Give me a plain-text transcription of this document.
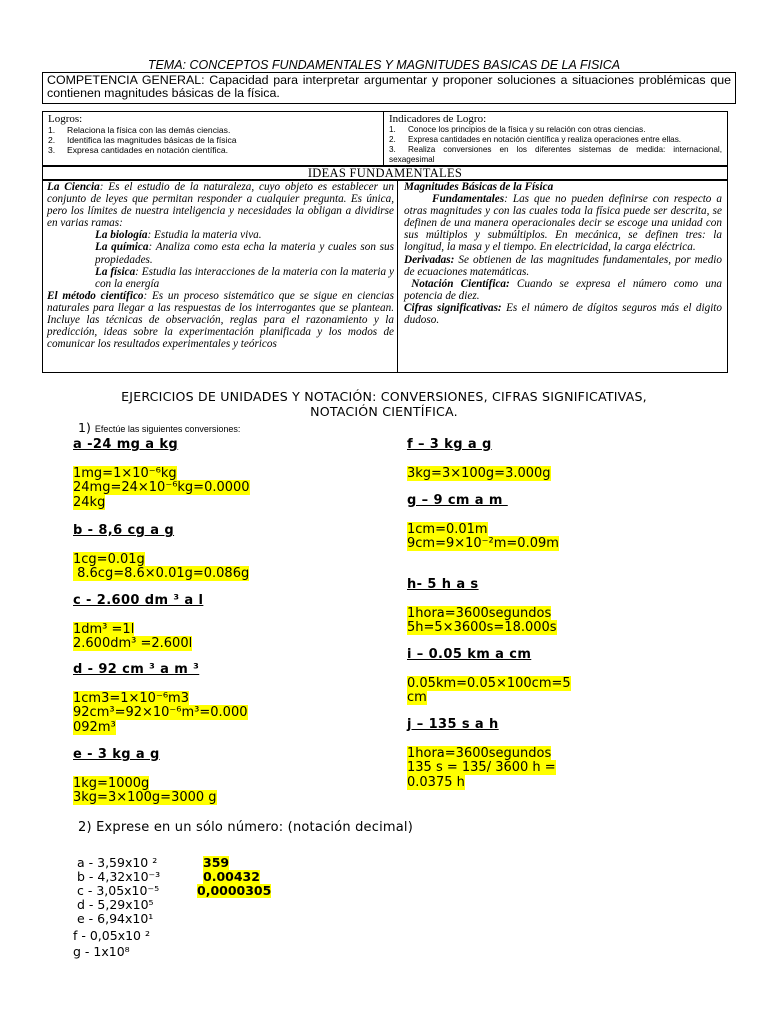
TEMA: CONCEPTOS FUNDAMENTALES Y MAGNITUDES BASICAS DE LA FISICA
COMPETENCIA GENERAL: Capacidad para interpretar argumentar y proponer soluciones a situaciones problémicas que contienen magnitudes básicas de la física.
Logros:
1.	Relaciona la física con las demás ciencias.
2.	Identifica las magnitudes básicas de la física
3.	Expresa cantidades en notación científica.
Indicadores de Logro:
1.	Conoce los principios de la física y su relación con otras ciencias.
2.	Expresa cantidades en notación científica y realiza operaciones entre ellas.
3. Realiza conversiones en los diferentes sistemas de medida: internacional, sexagesimal
IDEAS FUNDAMENTALES
La Ciencia: Es el estudio de la naturaleza, cuyo objeto es establecer un conjunto de leyes que permitan responder a cualquier pregunta. Es única, pero los límites de nuestra inteligencia y necesidades la obligan a dividirse en varias ramas:
La biología: Estudia la materia viva.
La química: Analiza como esta echa la materia y cuales son sus propiedades.
La física: Estudia las interacciones de la materia con la materia y con la energía
El método científico: Es un proceso sistemático que se sigue en ciencias naturales para llegar a las respuestas de los interrogantes que se plantean. Incluye las técnicas de observación, reglas para el razonamiento y la predicción, ideas sobre la experimentación planificada y los modos de comunicar los resultados experimentales y teóricos
Magnitudes Básicas de la Física
Fundamentales: Las que no pueden definirse con respecto a otras magnitudes y con las cuales toda la física puede ser descrita, se definen de una manera operacionales decir se escoge una unidad con sus múltiplos y submúltiplos. En mecánica, se definen tres: la longitud, la masa y el tiempo. En electricidad, la carga eléctrica.
Derivadas: Se obtienen de las magnitudes fundamentales, por medio de ecuaciones matemáticas.
Notación Científica: Cuando se expresa el número como una potencia de diez.
Cifras significativas: Es el número de dígitos seguros más el digito dudoso.
EJERCICIOS DE UNIDADES Y NOTACIÓN: CONVERSIONES, CIFRAS SIGNIFICATIVAS,
NOTACIÓN CIENTÍFICA.
1) Efectúe las siguientes conversiones:
a -24 mg a kg
1mg=1×10⁻⁶kg
24mg=24×10⁻⁶kg=0.0000
24kg
b - 8,6 cg a g
1cg=0.01g
8.6cg=8.6×0.01g=0.086g
c - 2.600 dm ³ a l
1dm³ =1l
2.600dm³ =2.600l
d - 92 cm ³ a m ³
1cm3=1×10⁻⁶m3
92cm³=92×10⁻⁶m³=0.000
092m³
e - 3 kg a g
1kg=1000g
3kg=3×100g=3000 g
f – 3 kg a g
3kg=3×100g=3.000g
g – 9 cm a m
1cm=0.01m
9cm=9×10⁻²m=0.09m
h- 5 h a s
1hora=3600segundos
5h=5×3600s=18.000s
i – 0.05 km a cm
0.05km=0.05×100cm=5
cm
j – 135 s a h
1hora=3600segundos
135 s = 135/ 3600 h =
0.0375 h
2) Exprese en un sólo número: (notación decimal)
a - 3,59x10 ²	359
b - 4,32x10⁻³	0.00432
c - 3,05x10⁻⁵	0,0000305
d - 5,29x10⁵
e - 6,94x10¹
f - 0,05x10 ²
g - 1x10⁸
